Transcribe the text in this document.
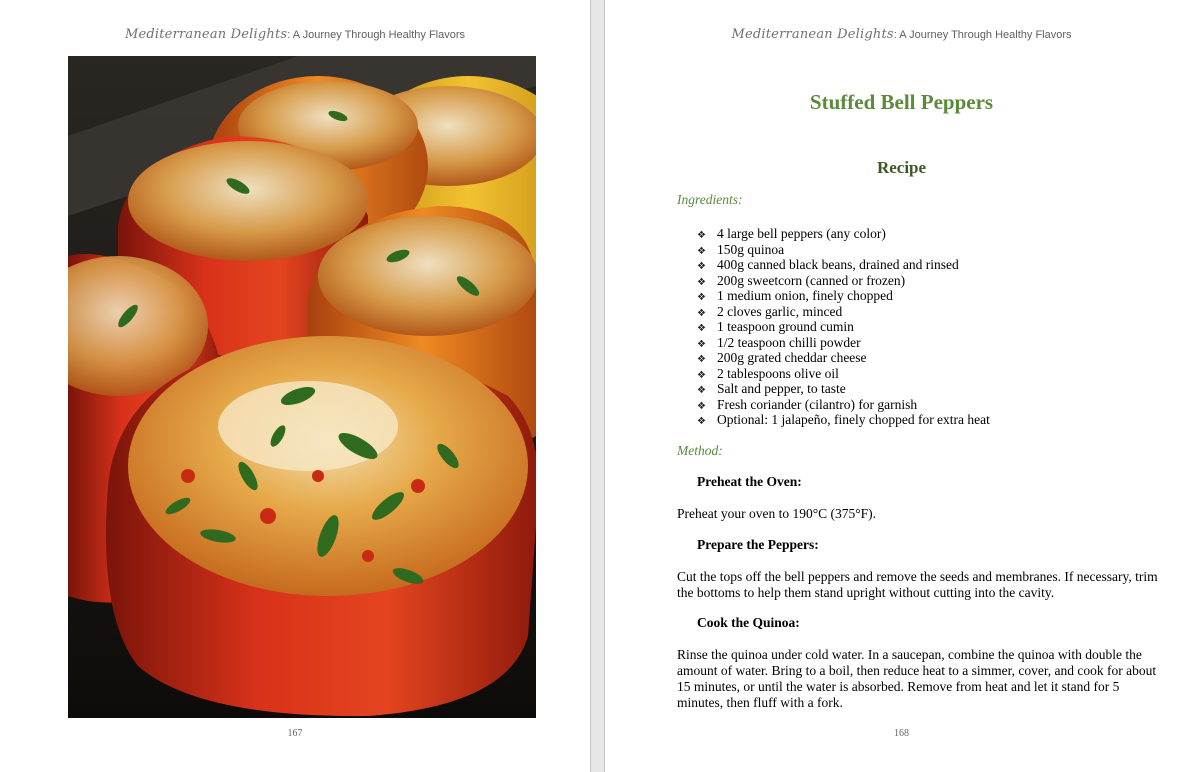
Mediterranean Delights: A Journey Through Healthy Flavors
167
Mediterranean Delights: A Journey Through Healthy Flavors
Stuffed Bell Peppers
Recipe
Ingredients:
❖ 4 large bell peppers (any color)
❖ 150g quinoa
❖ 400g canned black beans, drained and rinsed
❖ 200g sweetcorn (canned or frozen)
❖ 1 medium onion, finely chopped
❖ 2 cloves garlic, minced
❖ 1 teaspoon ground cumin
❖ 1/2 teaspoon chilli powder
❖ 200g grated cheddar cheese
❖ 2 tablespoons olive oil
❖ Salt and pepper, to taste
❖ Fresh coriander (cilantro) for garnish
❖ Optional: 1 jalapeño, finely chopped for extra heat
Method:
Preheat the Oven:
Preheat your oven to 190°C (375°F).
Prepare the Peppers:
Cut the tops off the bell peppers and remove the seeds and membranes. If necessary, trim the bottoms to help them stand upright without cutting into the cavity.
Cook the Quinoa:
Rinse the quinoa under cold water. In a saucepan, combine the quinoa with double the amount of water. Bring to a boil, then reduce heat to a simmer, cover, and cook for about 15 minutes, or until the water is absorbed. Remove from heat and let it stand for 5 minutes, then fluff with a fork.
168
